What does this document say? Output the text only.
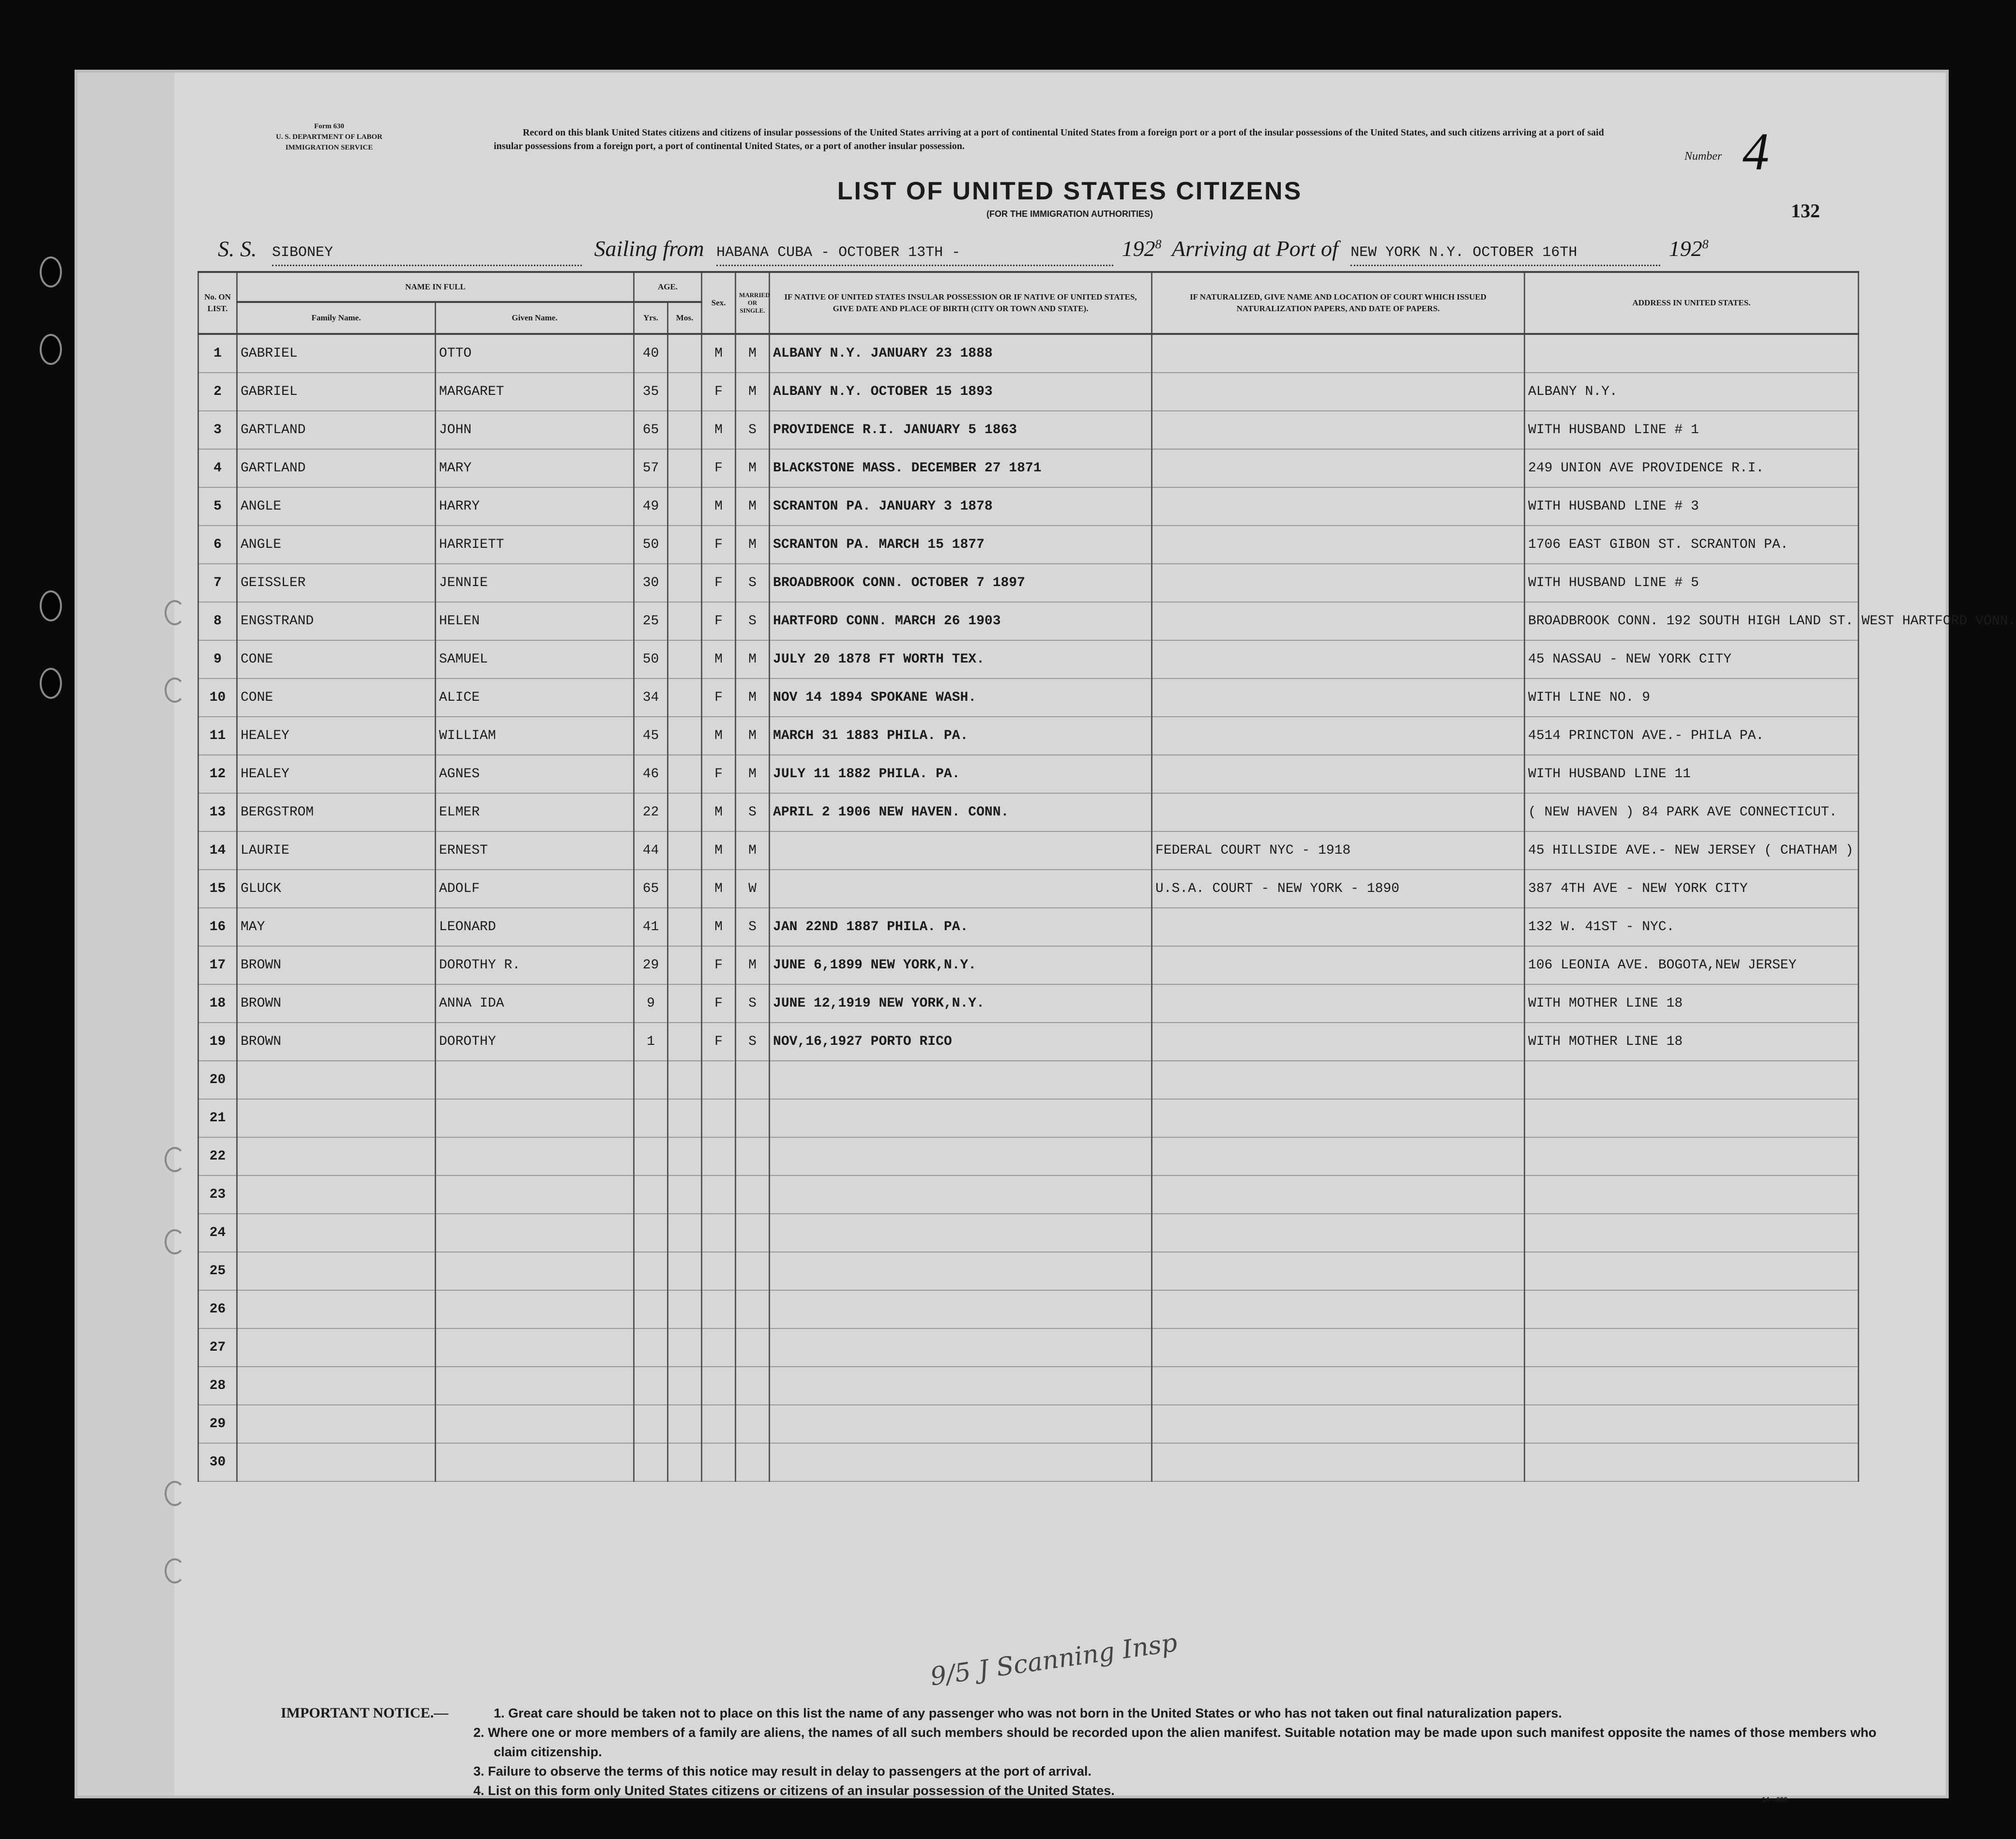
Form 630
U. S. DEPARTMENT OF LABOR
IMMIGRATION SERVICE
Record on this blank United States citizens and citizens of insular possessions of the United States arriving at a port of continental United States from a foreign port or a port of the insular possessions of the United States, and such citizens arriving at a port of said insular possessions from a foreign port, a port of continental United States, or a port of another insular possession.
Number 4
LIST OF UNITED STATES CITIZENS
(FOR THE IMMIGRATION AUTHORITIES)	132
S. S. SIBONEY	Sailing from HABANA CUBA - OCTOBER 13TH -	$192^8$ Arriving at Port of NEW YORK N.Y. OCTOBER 16TH	$192^8$
No. ON LIST.	NAME IN FULL		AGE.		Sex.	MARRIED OR SINGLE.	IF NATIVE OF UNITED STATES INSULAR POSSESSION OR IF NATIVE OF UNITED STATES, GIVE DATE AND PLACE OF BIRTH (CITY OR TOWN AND STATE).	IF NATURALIZED, GIVE NAME AND LOCATION OF COURT WHICH ISSUED NATURALIZATION PAPERS, AND DATE OF PAPERS.	ADDRESS IN UNITED STATES.
	Family Name.	Given Name.	Yrs.	Mos.					
1	GABRIEL	OTTO	40		M	M	ALBANY N.Y. JANUARY 23 1888		
2	GABRIEL	MARGARET	35		F	M	ALBANY N.Y. OCTOBER 15 1893		ALBANY N.Y.
3	GARTLAND	JOHN	65		M	S	PROVIDENCE R.I. JANUARY 5 1863		WITH HUSBAND LINE # 1
4	GARTLAND	MARY	57		F	M	BLACKSTONE MASS. DECEMBER 27 1871		249 UNION AVE PROVIDENCE R.I.
5	ANGLE	HARRY	49		M	M	SCRANTON PA. JANUARY 3 1878		WITH HUSBAND LINE # 3
6	ANGLE	HARRIETT	50		F	M	SCRANTON PA. MARCH 15 1877		1706 EAST GIBON ST. SCRANTON PA.
7	GEISSLER	JENNIE	30		F	S	BROADBROOK CONN. OCTOBER 7 1897		WITH HUSBAND LINE # 5
8	ENGSTRAND	HELEN	25		F	S	HARTFORD CONN. MARCH 26 1903		BROADBROOK CONN. 192 SOUTH HIGH LAND ST. WEST HARTFORD VONN.
9	CONE	SAMUEL	50		M	M	JULY 20 1878 FT WORTH TEX.		45 NASSAU - NEW YORK CITY
10	CONE	ALICE	34		F	M	NOV 14 1894 SPOKANE WASH.		WITH LINE NO. 9
11	HEALEY	WILLIAM	45		M	M	MARCH 31 1883 PHILA. PA.		4514 PRINCTON AVE.- PHILA PA.
12	HEALEY	AGNES	46		F	M	JULY 11 1882 PHILA. PA.		WITH HUSBAND LINE 11
13	BERGSTROM	ELMER	22		M	S	APRIL 2 1906 NEW HAVEN. CONN.		( NEW HAVEN ) 84 PARK AVE CONNECTICUT.
14	LAURIE	ERNEST	44		M	M		FEDERAL COURT NYC - 1918	45 HILLSIDE AVE.- NEW JERSEY ( CHATHAM )
15	GLUCK	ADOLF	65		M	W		U.S.A. COURT - NEW YORK - 1890	387 4TH AVE - NEW YORK CITY
16	MAY	LEONARD	41		M	S	JAN 22ND 1887 PHILA. PA.		132 W. 41ST - NYC.
17	BROWN	DOROTHY R.	29		F	M	JUNE 6,1899 NEW YORK,N.Y.		106 LEONIA AVE. BOGOTA,NEW JERSEY
18	BROWN	ANNA IDA	9		F	S	JUNE 12,1919 NEW YORK,N.Y.		WITH MOTHER LINE 18
19	BROWN	DOROTHY	1		F	S	NOV,16,1927 PORTO RICO		WITH MOTHER LINE 18
20									
21									
22									
23									
24									
25									
26									
27									
28									
29									
30									
9/5 J Scanning Insp
IMPORTANT NOTICE.—	1. Great care should be taken not to place on this list the name of any passenger who was not born in the United States or who has not taken out final naturalization papers.
2. Where one or more members of a family are aliens, the names of all such members should be recorded upon the alien manifest. Suitable notation may be made upon such manifest opposite the names of those members who claim citizenship.
3. Failure to observe the terms of this notice may result in delay to passengers at the port of arrival.
4. List on this form only United States citizens or citizens of an insular possession of the United States.
14—608
